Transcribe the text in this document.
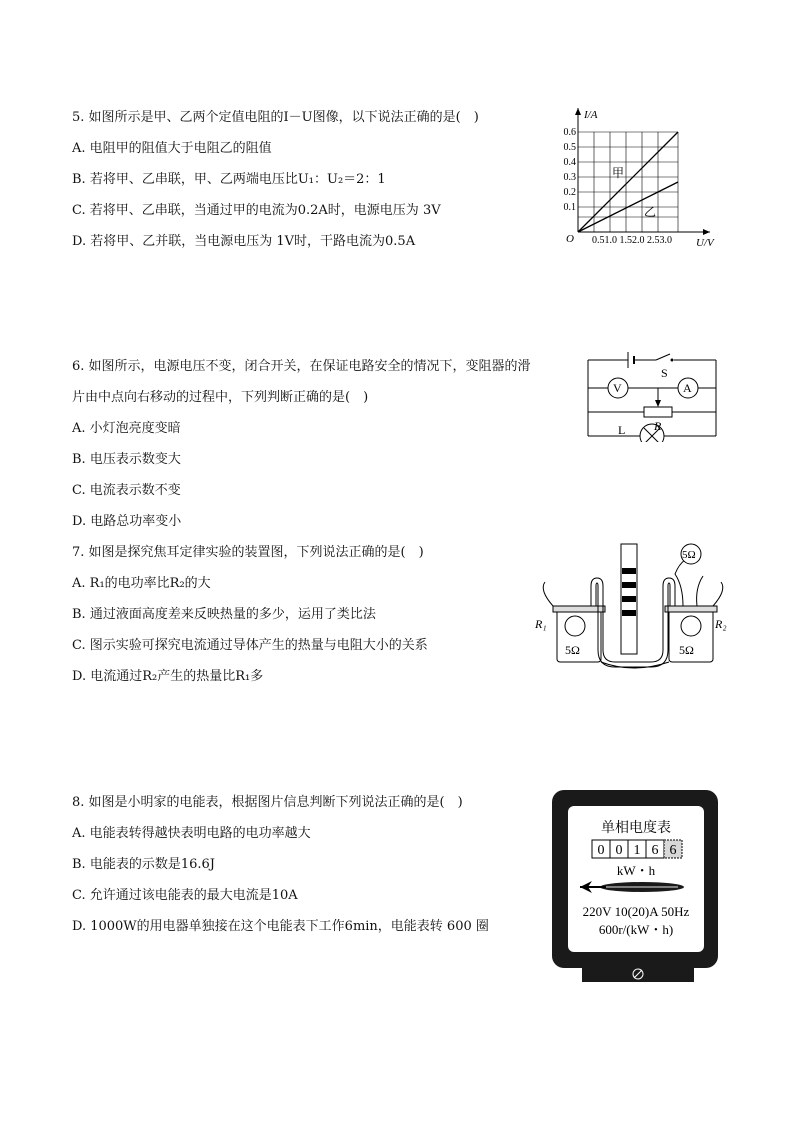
5. 如图所示是甲、乙两个定值电阻的I－U图像，以下说法正确的是(　)
A. 电阻甲的阻值大于电阻乙的阻值
B. 若将甲、乙串联，甲、乙两端电压比U₁：U₂＝2：1
C. 若将甲、乙串联，当通过甲的电流为0.2A时，电源电压为 3V
D. 若将甲、乙并联，当电源电压为 1V时，干路电流为0.5A
I/A
U/V
O
0.6
0.5
0.4
0.3
0.2
0.1
0.51.0 1.52.0 2.53.0
甲
乙
6. 如图所示，电源电压不变，闭合开关，在保证电路安全的情况下，变阻器的滑
片由中点向右移动的过程中，下列判断正确的是(　)
A. 小灯泡亮度变暗
B. 电压表示数变大
C. 电流表示数不变
D. 电路总功率变小
S
V	A
L R
7. 如图是探究焦耳定律实验的装置图，下列说法正确的是(　)
A. R₁的电功率比R₂的大
B. 通过液面高度差来反映热量的多少，运用了类比法
C. 图示实验可探究电流通过导体产生的热量与电阻大小的关系
D. 电流通过R₂产生的热量比R₁多
R₁	R₂
5Ω	5Ω
5Ω
8. 如图是小明家的电能表，根据图片信息判断下列说法正确的是(　)
A. 电能表转得越快表明电路的电功率越大
B. 电能表的示数是16.6J
C. 允许通过该电能表的最大电流是10A
D. 1000W的用电器单独接在这个电能表下工作6min，电能表转 600 圈
单相电度表
0 0 1 6 6
kW・h
220V 10(20)A 50Hz
600r/(kW・h)
